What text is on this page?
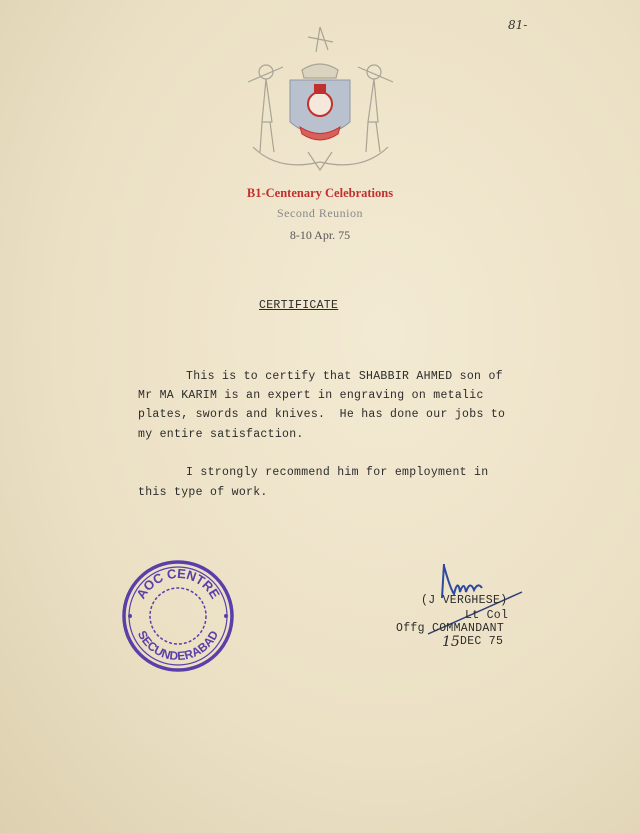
81-
B1-Centenary Celebrations
Second Reunion
8-10 Apr. 75
CERTIFICATE
This is to certify that SHABBIR AHMED son of
Mr MA KARIM is an expert in engraving on metalic
plates, swords and knives.  He has done our jobs to
my entire satisfaction.
I strongly recommend him for employment in
this type of work.
AOC CENTRE
SECUNDERABAD
(J VERGHESE)
Lt Col
Offg COMMANDANT
15 DEC 75
